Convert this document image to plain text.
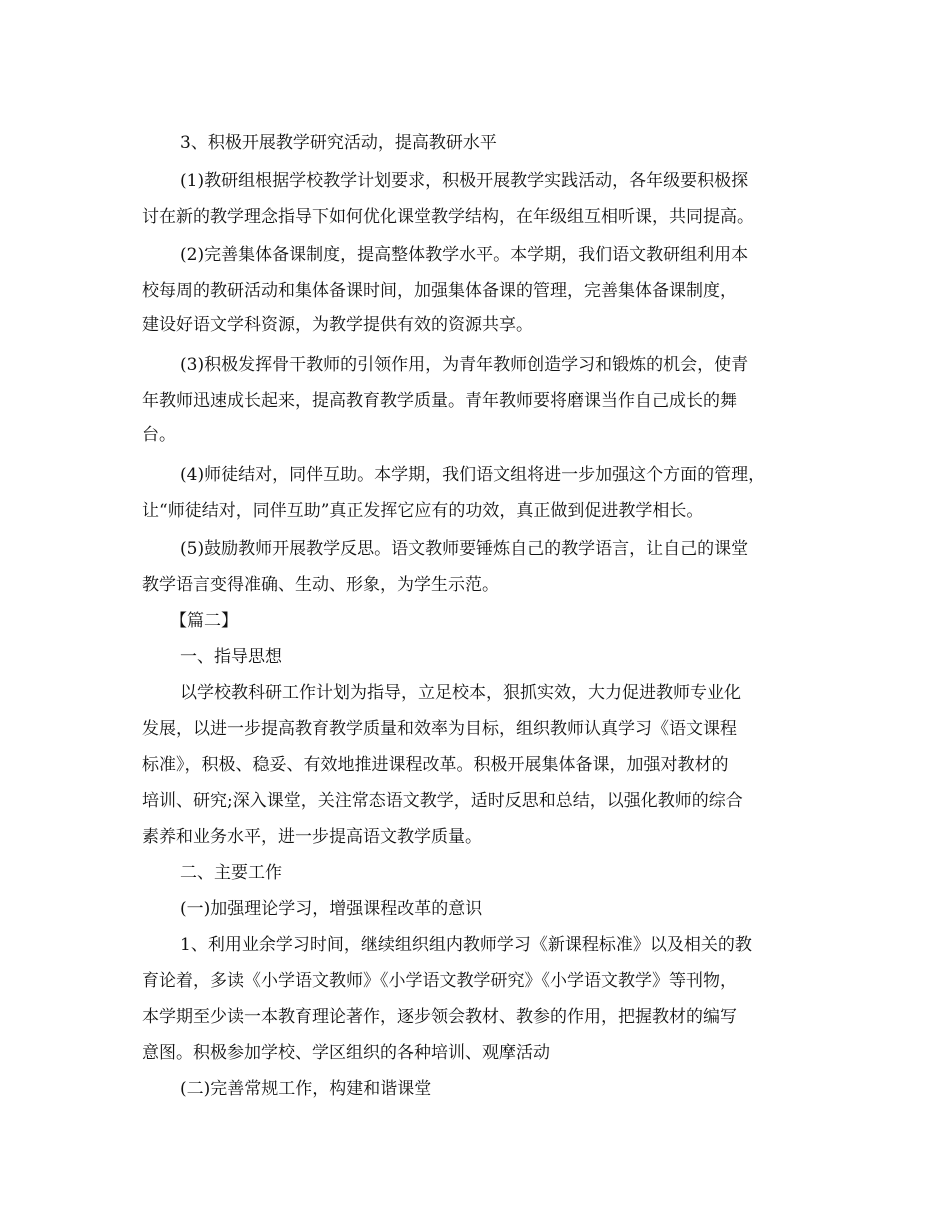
3、积极开展教学研究活动，提高教研水平
(1)教研组根据学校教学计划要求，积极开展教学实践活动，各年级要积极探
讨在新的教学理念指导下如何优化课堂教学结构，在年级组互相听课，共同提高。
(2)完善集体备课制度，提高整体教学水平。本学期，我们语文教研组利用本
校每周的教研活动和集体备课时间，加强集体备课的管理，完善集体备课制度，
建设好语文学科资源，为教学提供有效的资源共享。
(3)积极发挥骨干教师的引领作用，为青年教师创造学习和锻炼的机会，使青
年教师迅速成长起来，提高教育教学质量。青年教师要将磨课当作自己成长的舞
台。
(4)师徒结对，同伴互助。本学期，我们语文组将进一步加强这个方面的管理，
让“师徒结对，同伴互助”真正发挥它应有的功效，真正做到促进教学相长。
(5)鼓励教师开展教学反思。语文教师要锤炼自己的教学语言，让自己的课堂
教学语言变得准确、生动、形象，为学生示范。
【篇二】
一、指导思想
以学校教科研工作计划为指导，立足校本，狠抓实效，大力促进教师专业化
发展，以进一步提高教育教学质量和效率为目标，组织教师认真学习《语文课程
标准》，积极、稳妥、有效地推进课程改革。积极开展集体备课，加强对教材的
培训、研究;深入课堂，关注常态语文教学，适时反思和总结，以强化教师的综合
素养和业务水平，进一步提高语文教学质量。
二、主要工作
(一)加强理论学习，增强课程改革的意识
1、利用业余学习时间，继续组织组内教师学习《新课程标准》以及相关的教
育论着，多读《小学语文教师》《小学语文教学研究》《小学语文教学》等刊物，
本学期至少读一本教育理论著作，逐步领会教材、教参的作用，把握教材的编写
意图。积极参加学校、学区组织的各种培训、观摩活动
(二)完善常规工作，构建和谐课堂
